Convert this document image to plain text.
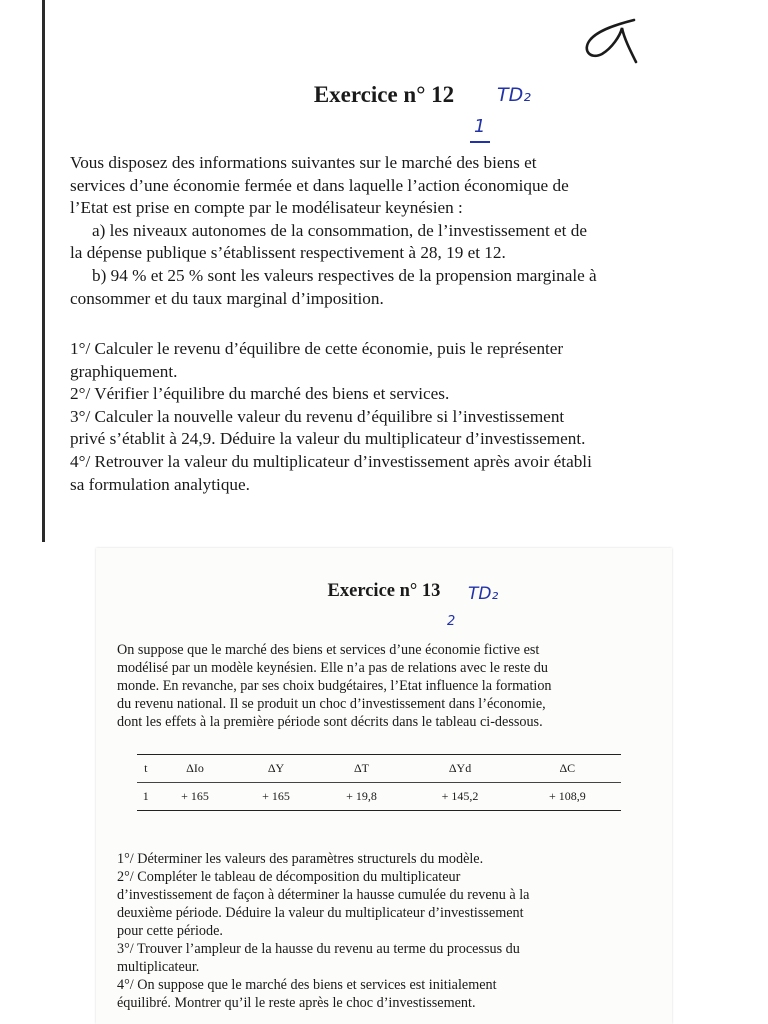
Exercice n° 12	TD₂
1
Vous disposez des informations suivantes sur le marché des biens et
services d’une économie fermée et dans laquelle l’action économique de
l’Etat est prise en compte par le modélisateur keynésien :
a) les niveaux autonomes de la consommation, de l’investissement et de
la dépense publique s’établissent respectivement à 28, 19 et 12.
b) 94 % et 25 % sont les valeurs respectives de la propension marginale à
consommer et du taux marginal d’imposition.
1°/ Calculer le revenu d’équilibre de cette économie, puis le représenter
graphiquement.
2°/ Vérifier l’équilibre du marché des biens et services.
3°/ Calculer la nouvelle valeur du revenu d’équilibre si l’investissement
privé s’établit à 24,9. Déduire la valeur du multiplicateur d’investissement.
4°/ Retrouver la valeur du multiplicateur d’investissement après avoir établi
sa formulation analytique.
Exercice n° 13	TD₂
2
On suppose que le marché des biens et services d’une économie fictive est
modélisé par un modèle keynésien. Elle n’a pas de relations avec le reste du
monde. En revanche, par ses choix budgétaires, l’Etat influence la formation
du revenu national. Il se produit un choc d’investissement dans l’économie,
dont les effets à la première période sont décrits dans le tableau ci-dessous.
t	ΔIo	ΔY	ΔT	ΔYd	ΔC
1	+ 165	+ 165	+ 19,8	+ 145,2	+ 108,9
1°/ Déterminer les valeurs des paramètres structurels du modèle.
2°/ Compléter le tableau de décomposition du multiplicateur
d’investissement de façon à déterminer la hausse cumulée du revenu à la
deuxième période. Déduire la valeur du multiplicateur d’investissement
pour cette période.
3°/ Trouver l’ampleur de la hausse du revenu au terme du processus du
multiplicateur.
4°/ On suppose que le marché des biens et services est initialement
équilibré. Montrer qu’il le reste après le choc d’investissement.
